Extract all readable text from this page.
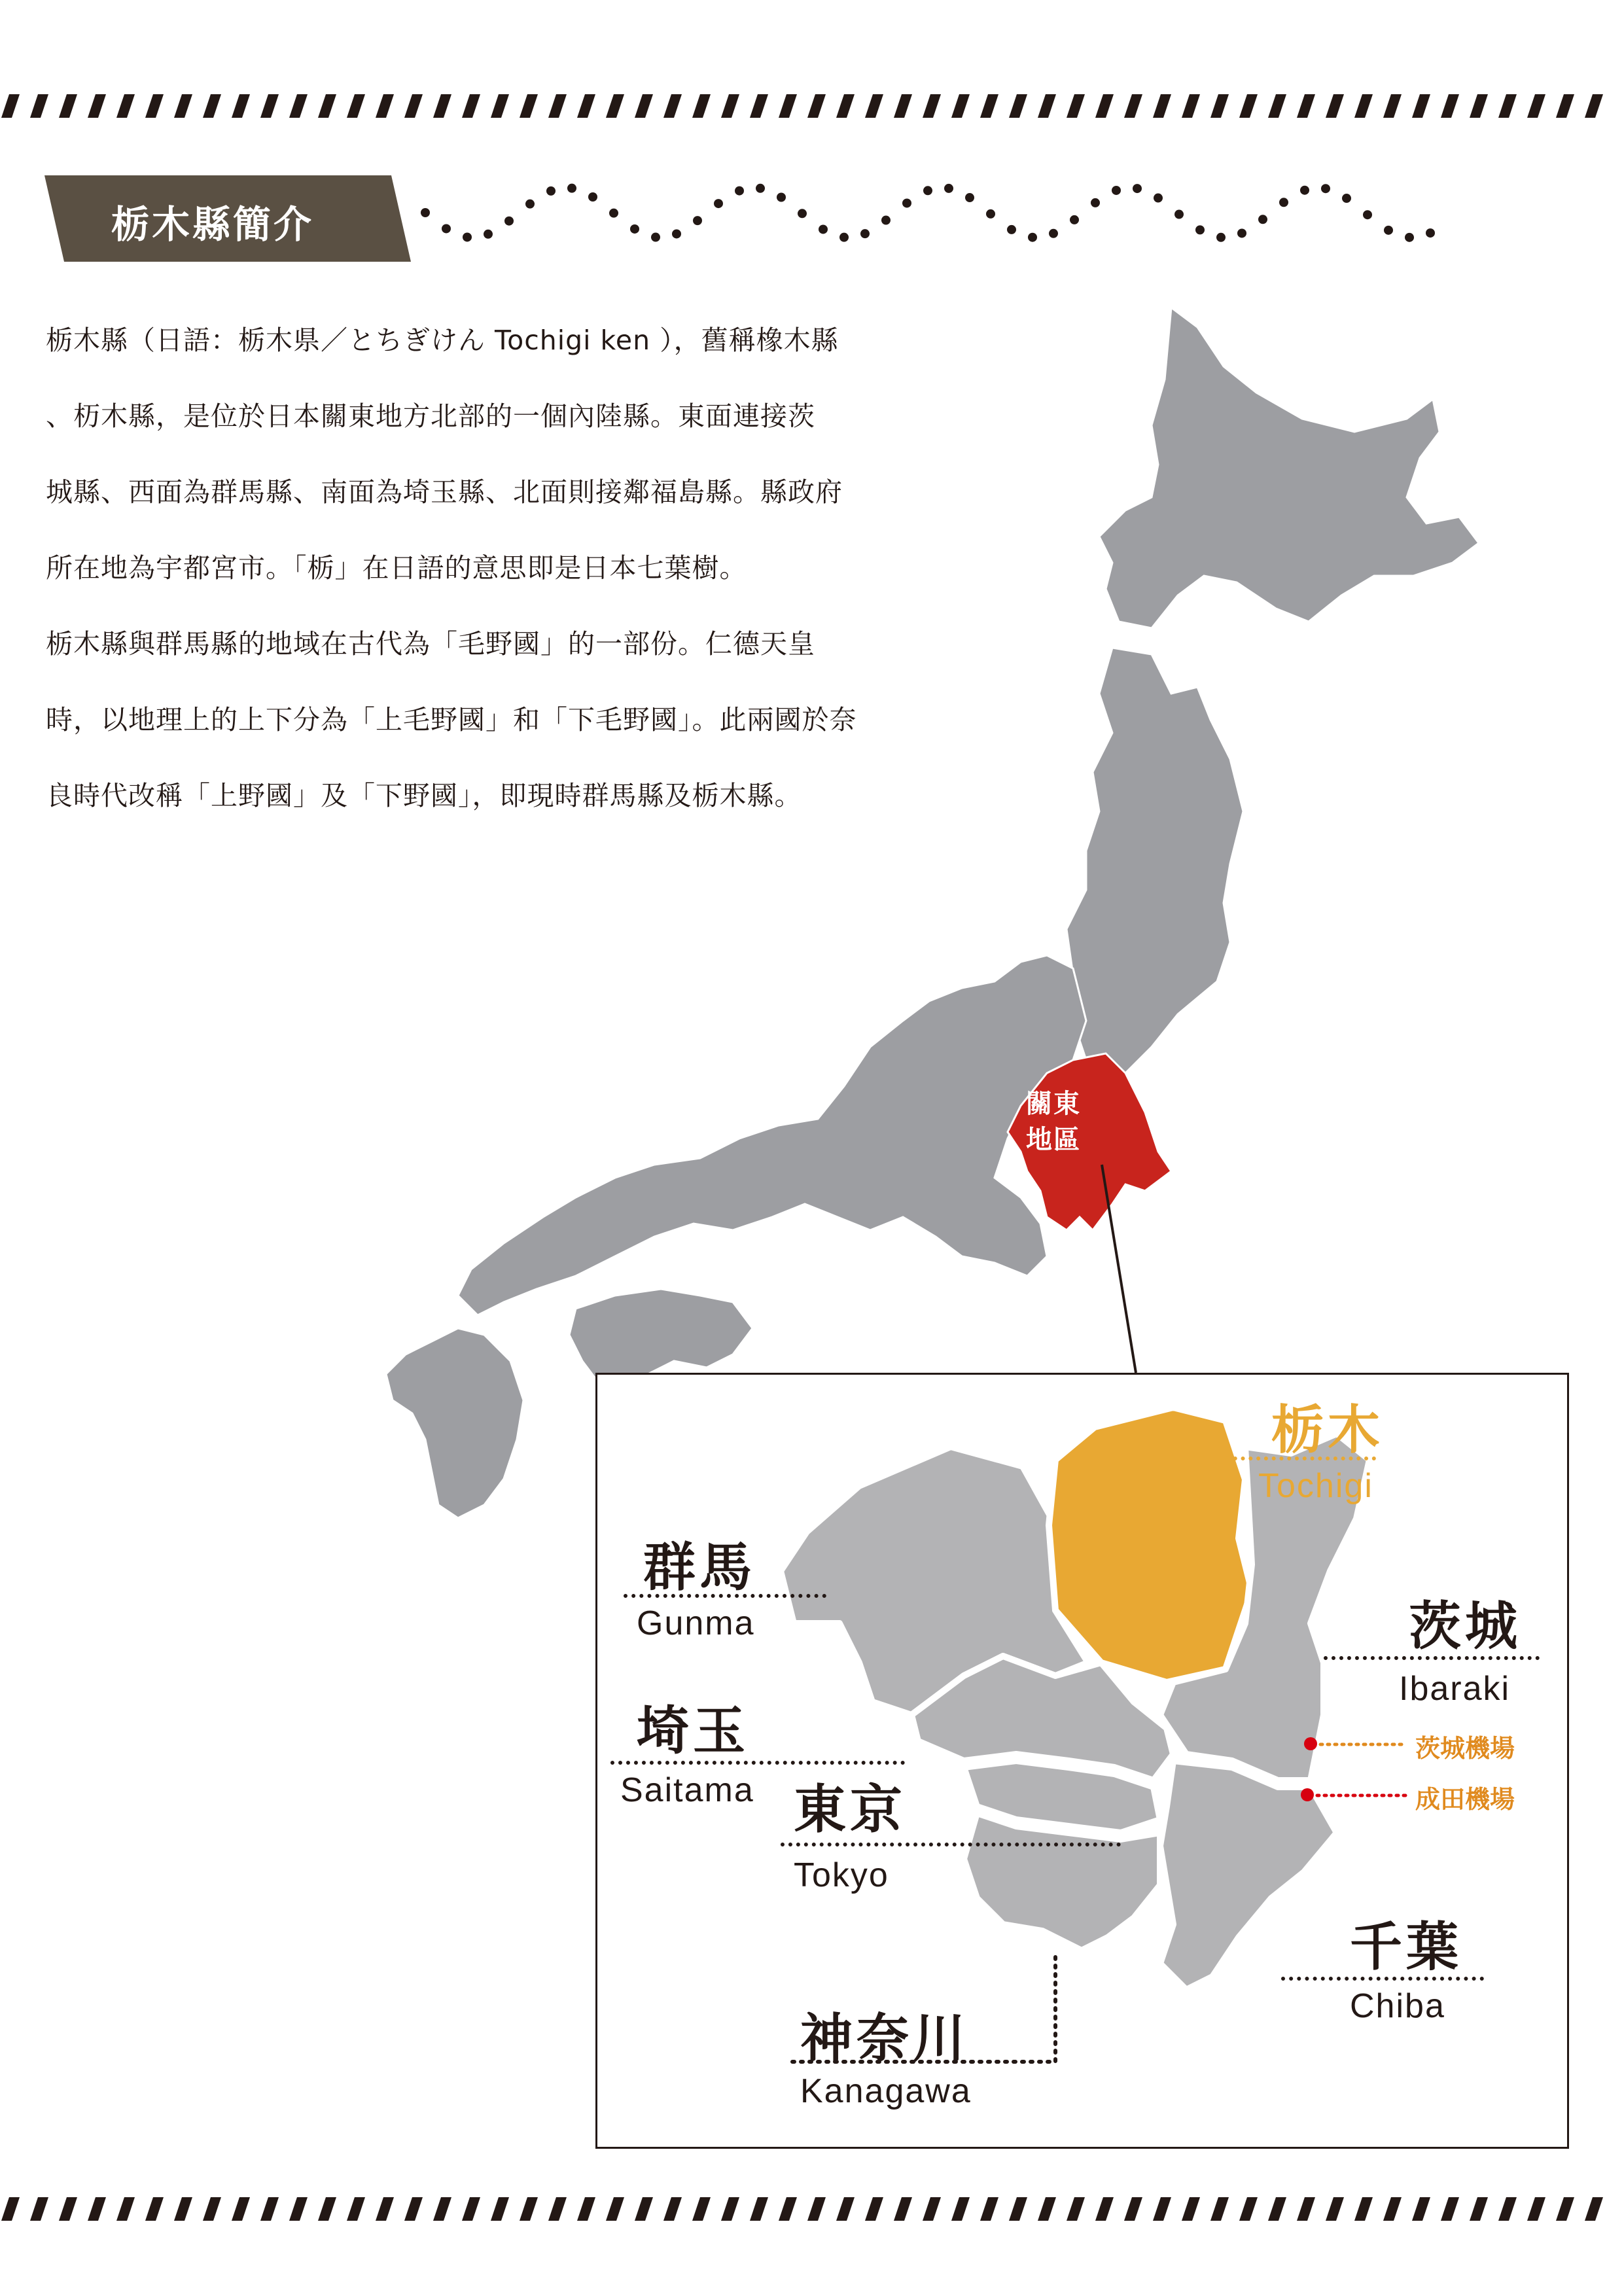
栃木縣簡介

栃木縣（日語：栃木県／とちぎけん Tochigi ken ），舊稱橡木縣

、杤木縣，是位於日本關東地方北部的一個內陸縣。東面連接茨

城縣、西面為群馬縣、南面為埼玉縣、北面則接鄰福島縣。縣政府

所在地為宇都宮市。「栃」在日語的意思即是日本七葉樹。

栃木縣與群馬縣的地域在古代為「毛野國」的一部份。仁德天皇

時，以地理上的上下分為「上毛野國」和「下毛野國」。此兩國於奈

良時代改稱「上野國」及「下野國」，即現時群馬縣及栃木縣。

關東
地區
栃木
Tochigi
群馬
Gunma	茨城
Ibaraki
埼玉
Saitama 東京
Tokyo
千葉
Chiba
神奈川
Kanagawa
茨城機場
成田機場
